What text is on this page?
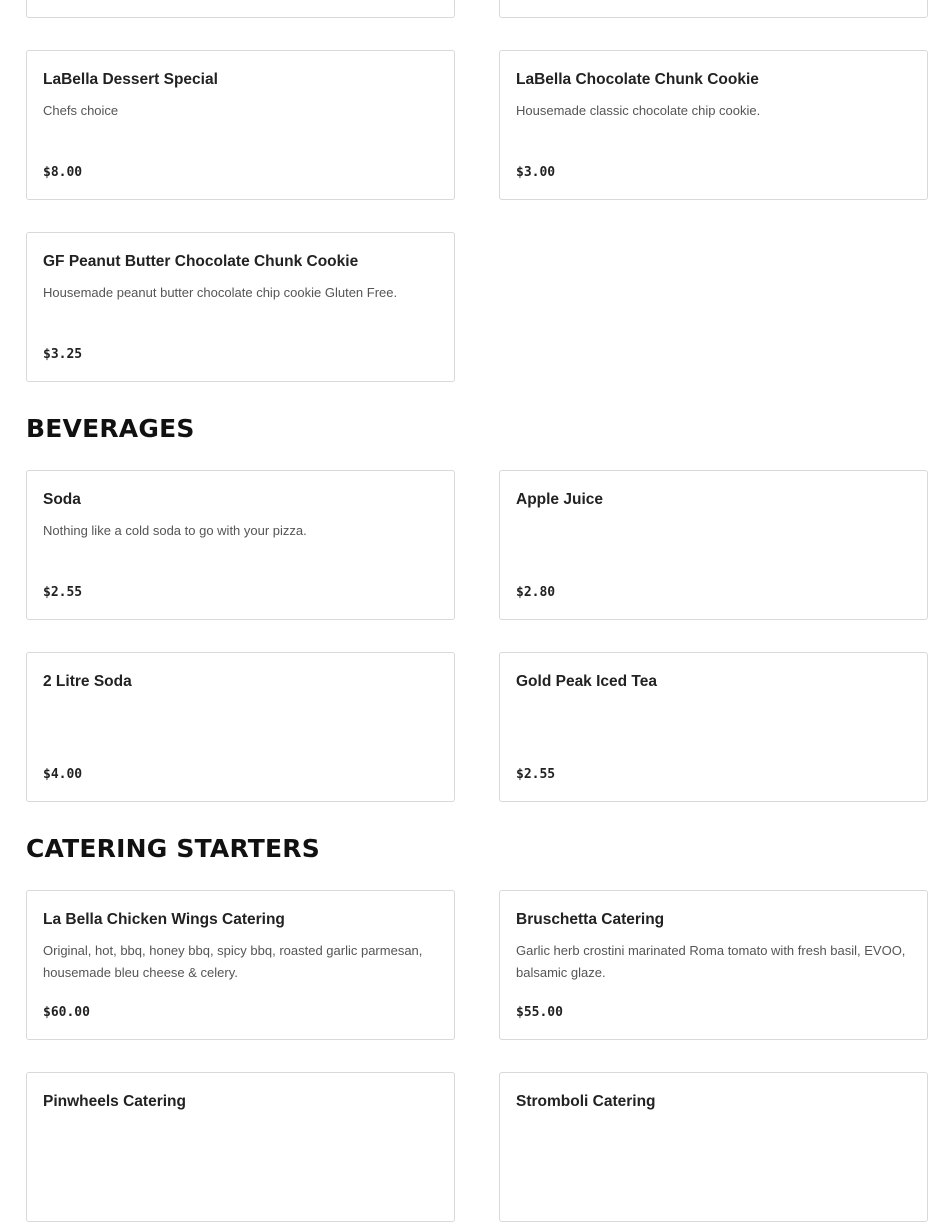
LaBella Dessert Special
Chefs choice
$8.00
LaBella Chocolate Chunk Cookie
Housemade classic chocolate chip cookie.
$3.00
GF Peanut Butter Chocolate Chunk Cookie
Housemade peanut butter chocolate chip cookie Gluten Free.
$3.25
BEVERAGES
Soda
Nothing like a cold soda to go with your pizza.
$2.55
Apple Juice
$2.80
2 Litre Soda
$4.00
Gold Peak Iced Tea
$2.55
CATERING STARTERS
La Bella Chicken Wings Catering
Original, hot, bbq, honey bbq, spicy bbq, roasted garlic parmesan, housemade bleu cheese & celery.
$60.00
Bruschetta Catering
Garlic herb crostini marinated Roma tomato with fresh basil, EVOO, balsamic glaze.
$55.00
Pinwheels Catering	Stromboli Catering
